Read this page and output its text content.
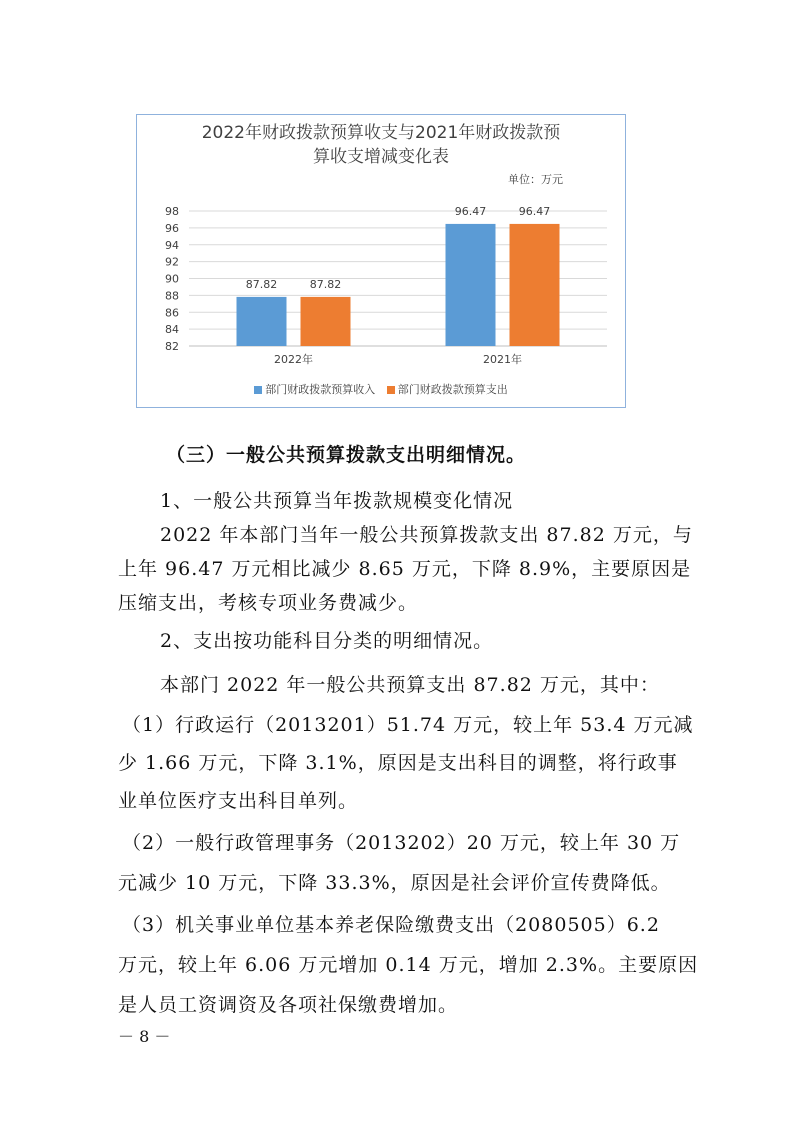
2022年财政拨款预算收支与2021年财政拨款预
算收支增减变化表
单位：万元
82
84
86
88
90
92
94
96
98
2022年
87.82	87.82
2021年
96.47	96.47
部门财政拨款预算收入 部门财政拨款预算支出
（三）一般公共预算拨款支出明细情况。
1、一般公共预算当年拨款规模变化情况
2022 年本部门当年一般公共预算拨款支出 87.82 万元，与
上年 96.47 万元相比减少 8.65 万元，下降 8.9%，主要原因是
压缩支出，考核专项业务费减少。
2、支出按功能科目分类的明细情况。
本部门 2022 年一般公共预算支出 87.82 万元，其中：
（1）行政运行（2013201）51.74 万元，较上年 53.4 万元减
少 1.66 万元，下降 3.1%，原因是支出科目的调整，将行政事
业单位医疗支出科目单列。
（2）一般行政管理事务（2013202）20 万元，较上年 30 万
元减少 10 万元，下降 33.3%，原因是社会评价宣传费降低。
（3）机关事业单位基本养老保险缴费支出（2080505）6.2
万元，较上年 6.06 万元增加 0.14 万元，增加 2.3%。主要原因
是人员工资调资及各项社保缴费增加。
－ 8 －
